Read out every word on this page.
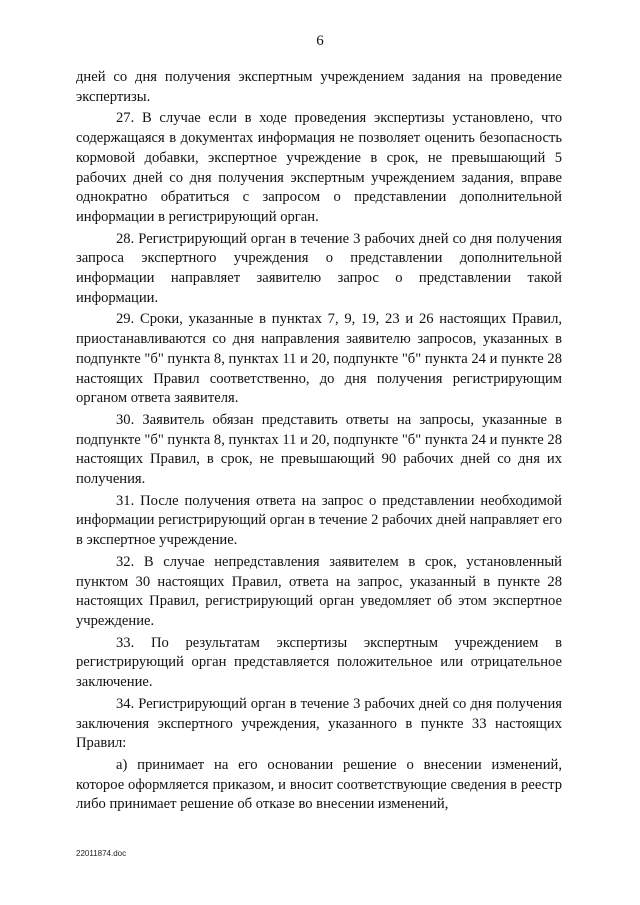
6

дней со дня получения экспертным учреждением задания на проведение экспертизы.

27. В случае если в ходе проведения экспертизы установлено, что содержащаяся в документах информация не позволяет оценить безопасность кормовой добавки, экспертное учреждение в срок, не превышающий 5 рабочих дней со дня получения экспертным учреждением задания, вправе однократно обратиться с запросом о представлении дополнительной информации в регистрирующий орган.

28. Регистрирующий орган в течение 3 рабочих дней со дня получения запроса экспертного учреждения о представлении дополнительной информации направляет заявителю запрос о представлении такой информации.

29. Сроки, указанные в пунктах 7, 9, 19, 23 и 26 настоящих Правил, приостанавливаются со дня направления заявителю запросов, указанных в подпункте "б" пункта 8, пунктах 11 и 20, подпункте "б" пункта 24 и пункте 28 настоящих Правил соответственно, до дня получения регистрирующим органом ответа заявителя.

30. Заявитель обязан представить ответы на запросы, указанные в подпункте "б" пункта 8, пунктах 11 и 20, подпункте "б" пункта 24 и пункте 28 настоящих Правил, в срок, не превышающий 90 рабочих дней со дня их получения.

31. После получения ответа на запрос о представлении необходимой информации регистрирующий орган в течение 2 рабочих дней направляет его в экспертное учреждение.

32. В случае непредставления заявителем в срок, установленный пунктом 30 настоящих Правил, ответа на запрос, указанный в пункте 28 настоящих Правил, регистрирующий орган уведомляет об этом экспертное учреждение.

33. По результатам экспертизы экспертным учреждением в регистрирующий орган представляется положительное или отрицательное заключение.

34. Регистрирующий орган в течение 3 рабочих дней со дня получения заключения экспертного учреждения, указанного в пункте 33 настоящих Правил:

а) принимает на его основании решение о внесении изменений, которое оформляется приказом, и вносит соответствующие сведения в реестр либо принимает решение об отказе во внесении изменений,

22011874.doc
